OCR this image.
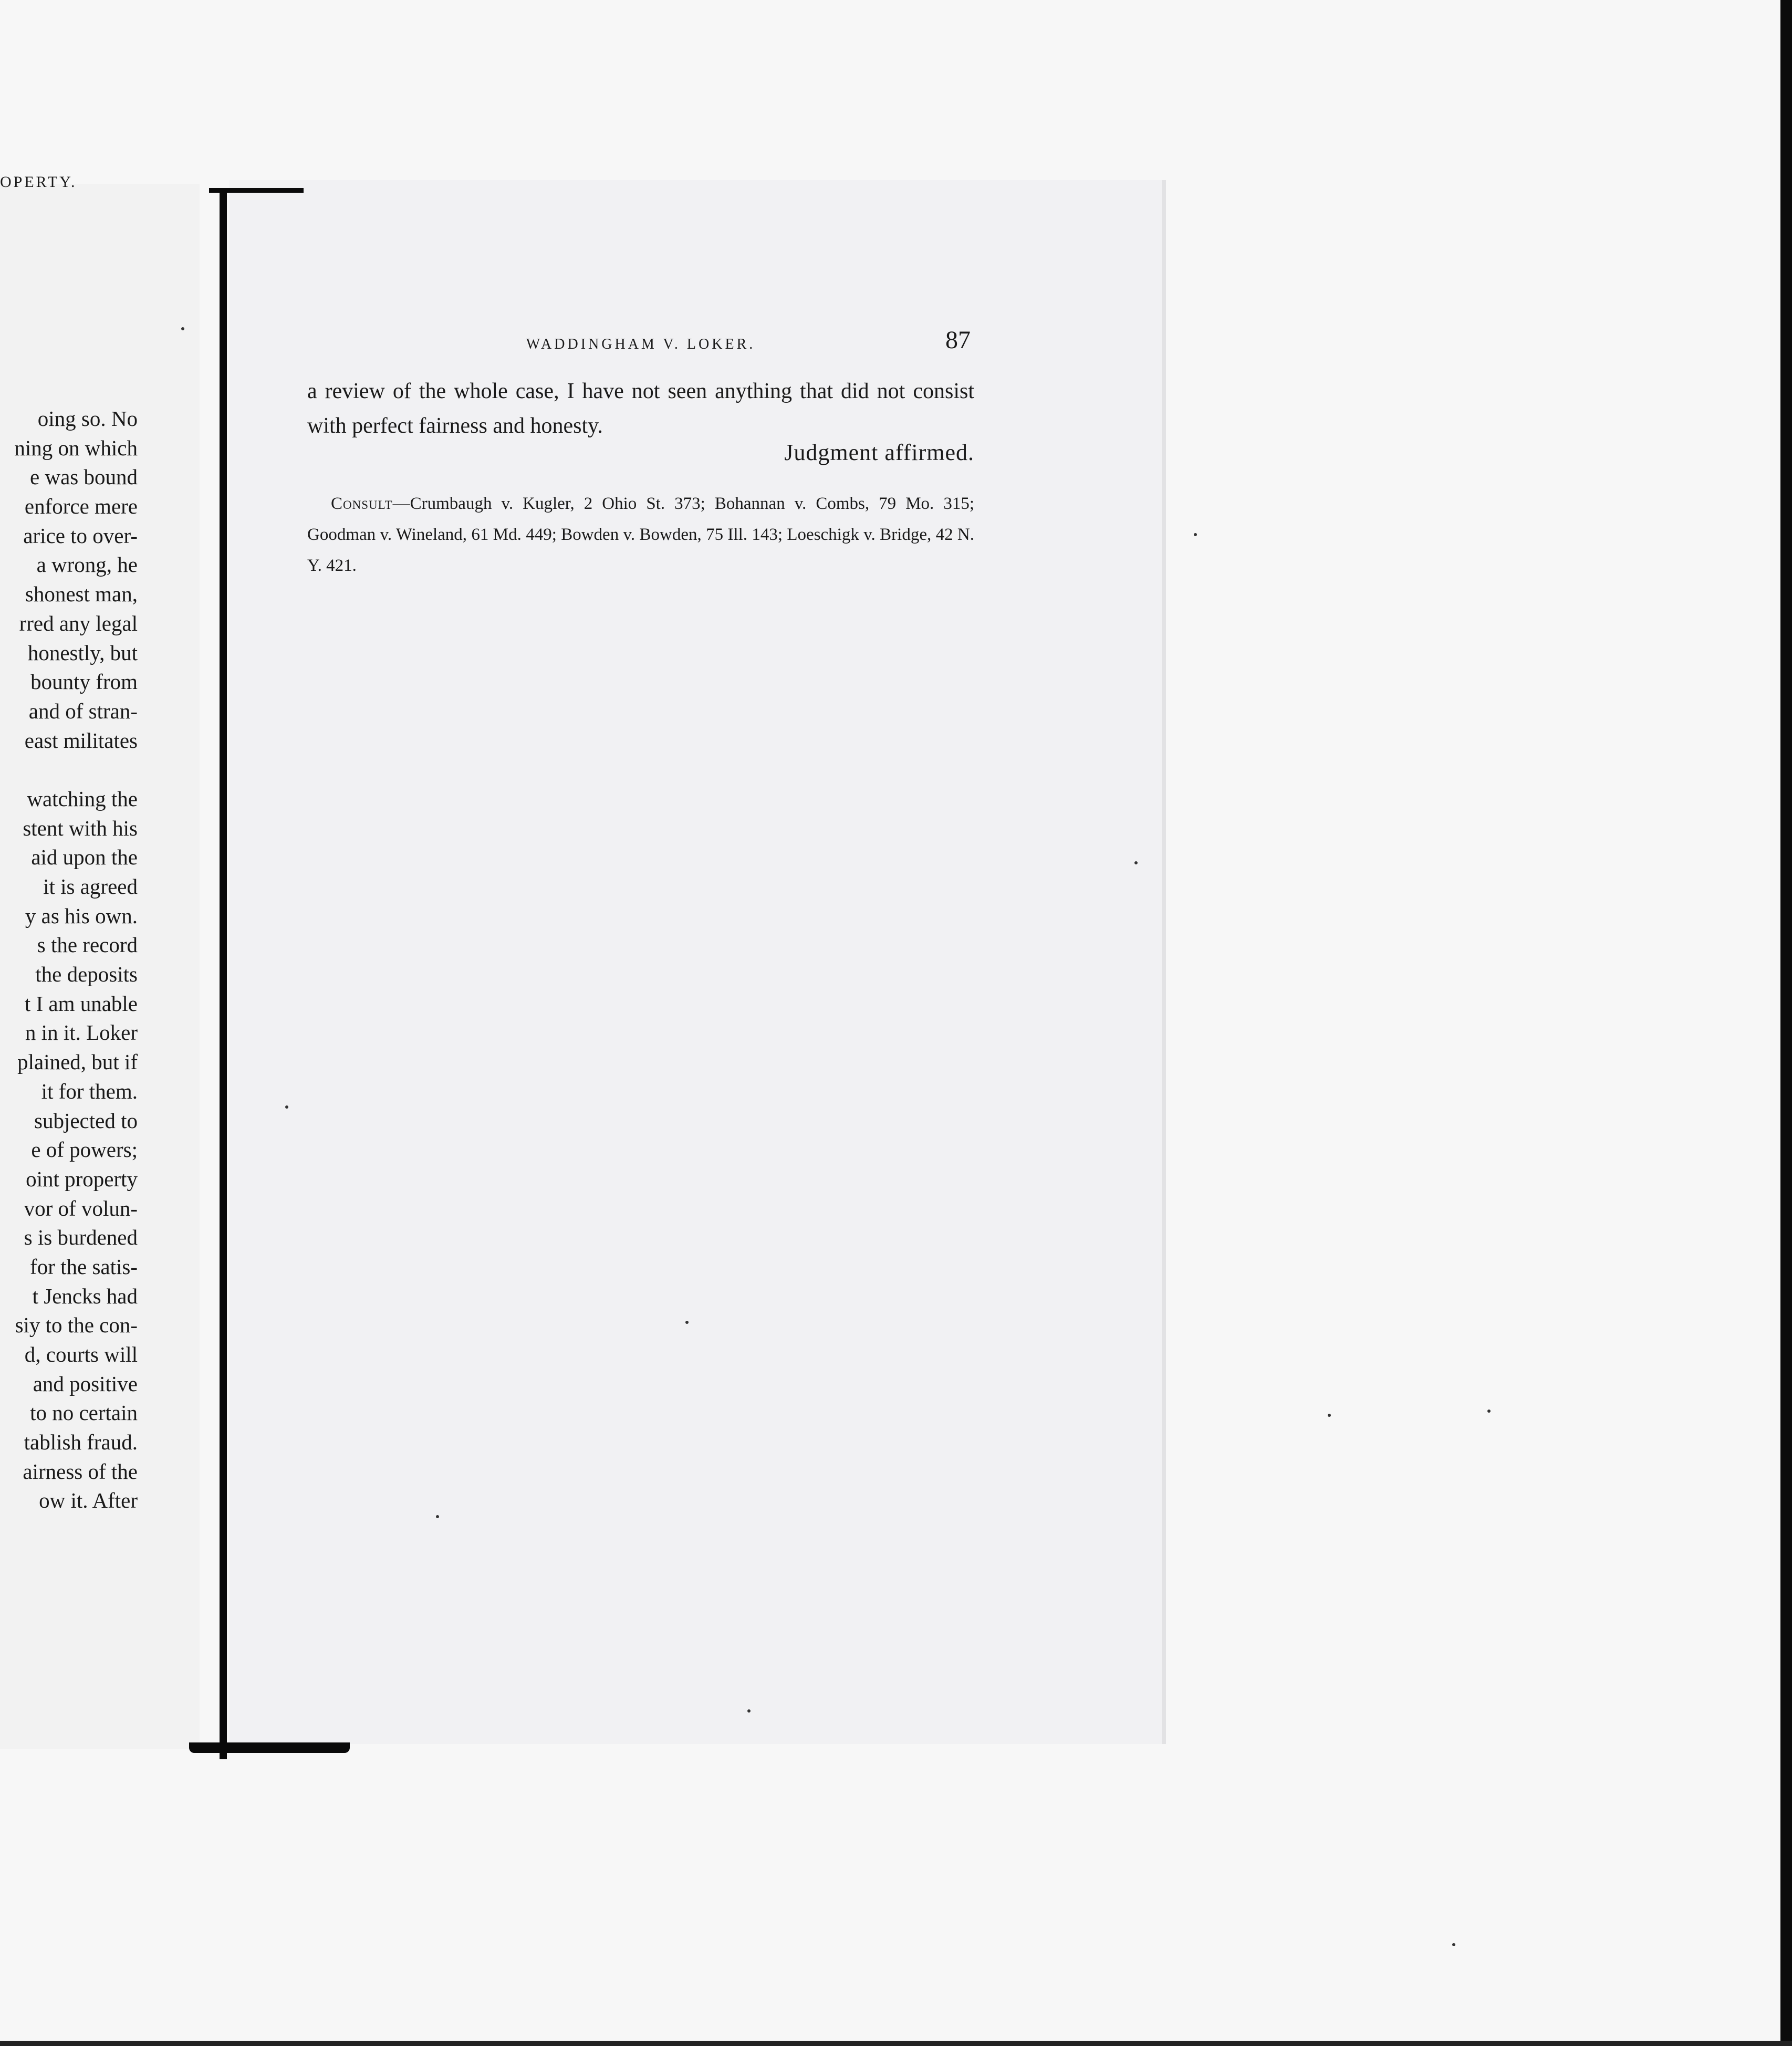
OPERTY.
oing so. No
ning on which
e was bound
enforce mere
arice to over-
a wrong, he
shonest man,
rred any legal
honestly, but
bounty from
and of stran-
east militates
watching the
stent with his
aid upon the
it is agreed
y as his own.
s the record
the deposits
t I am unable
n in it. Loker
plained, but if
it for them.
subjected to
e of powers;
oint property
vor of volun-
s is burdened
for the satis-
t Jencks had
siy to the con-
d, courts will
and positive
to no certain
tablish fraud.
airness of the
ow it. After
WADDINGHAM V. LOKER.	87
a review of the whole case, I have not seen anything that did not consist with perfect fairness and honesty.
Judgment affirmed.
Consult—Crumbaugh v. Kugler, 2 Ohio St. 373; Bohannan v. Combs, 79 Mo. 315; Goodman v. Wineland, 61 Md. 449; Bowden v. Bowden, 75 Ill. 143; Loeschigk v. Bridge, 42 N. Y. 421.
